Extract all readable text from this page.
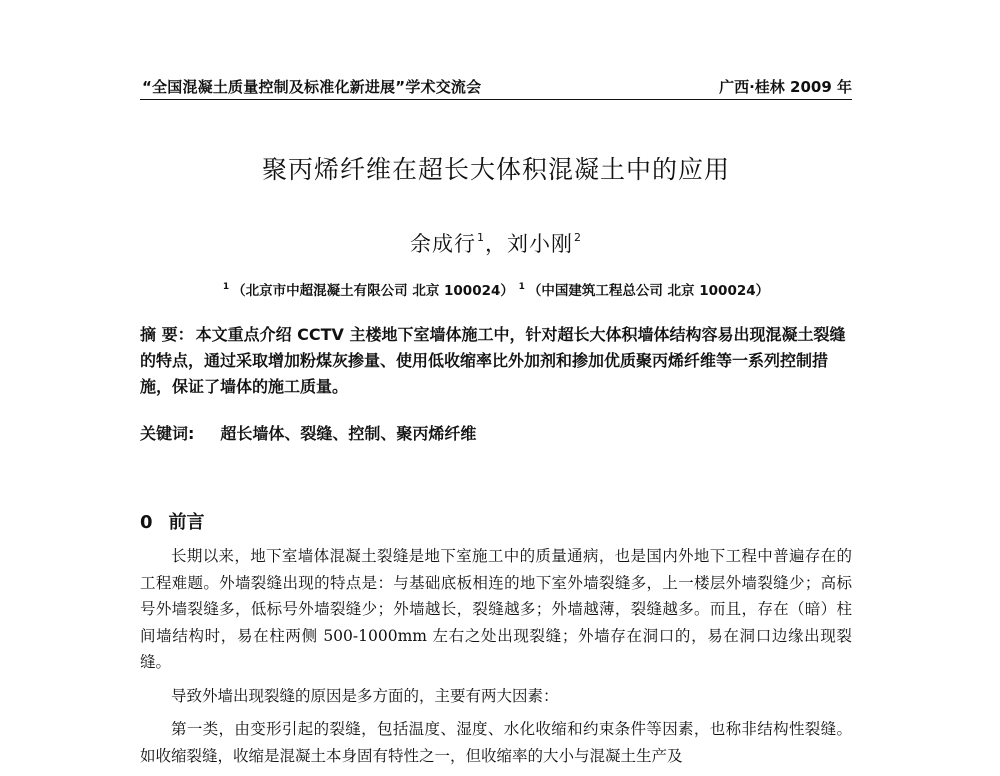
“全国混凝土质量控制及标准化新进展”学术交流会	广西·桂林 2009 年
聚丙烯纤维在超长大体积混凝土中的应用
余成行$^1$，刘小刚$^2$
$^1$ （北京市中超混凝土有限公司 北京 100024） $^1$ （中国建筑工程总公司 北京 100024）
摘 要： 本文重点介绍 CCTV 主楼地下室墙体施工中，针对超长大体积墙体结构容易出现混凝土裂缝的特点，通过采取增加粉煤灰掺量、使用低收缩率比外加剂和掺加优质聚丙烯纤维等一系列控制措施，保证了墙体的施工质量。
关键词: 超长墙体、裂缝、控制、聚丙烯纤维
0 前言

长期以来，地下室墙体混凝土裂缝是地下室施工中的质量通病，也是国内外地下工程中普遍存在的工程难题。外墙裂缝出现的特点是：与基础底板相连的地下室外墙裂缝多，上一楼层外墙裂缝少；高标号外墙裂缝多，低标号外墙裂缝少；外墙越长，裂缝越多；外墙越薄，裂缝越多。而且，存在（暗）柱间墙结构时，易在柱两侧 500-1000mm 左右之处出现裂缝；外墙存在洞口的，易在洞口边缘出现裂缝。

导致外墙出现裂缝的原因是多方面的，主要有两大因素：

第一类，由变形引起的裂缝，包括温度、湿度、水化收缩和约束条件等因素，也称非结构性裂缝。如收缩裂缝，收缩是混凝土本身固有特性之一，但收缩率的大小与混凝土生产及
